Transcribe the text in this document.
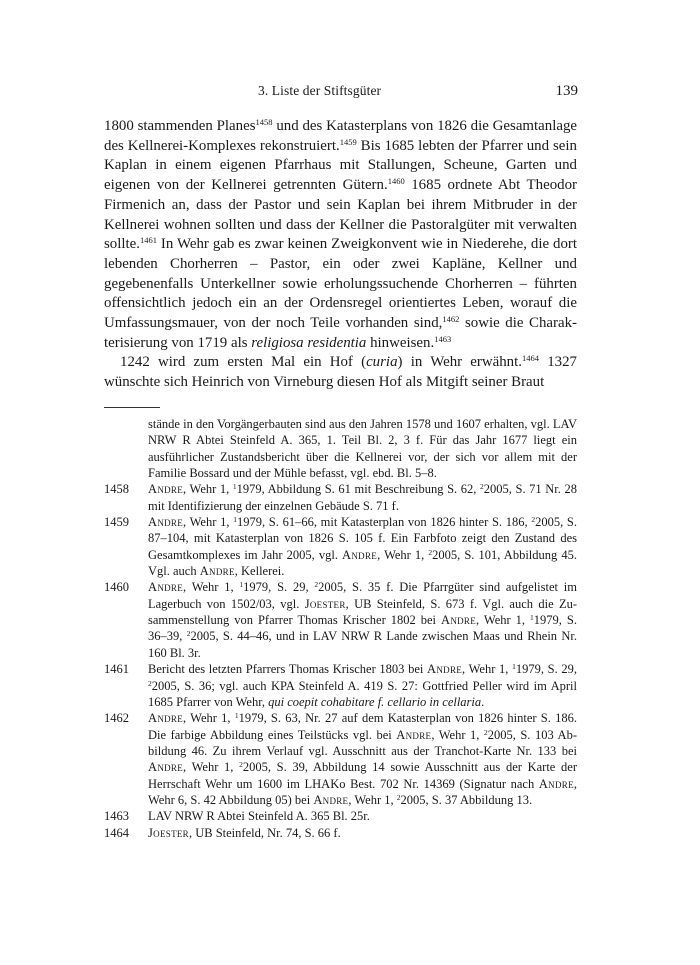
3. Liste der Stiftsgüter	139

1800 stammenden Planes$^{1458}$ und des Katasterplans von 1826 die Gesamtanlage des Kellnerei-Komplexes rekonstruiert.$^{1459}$ Bis 1685 lebten der Pfarrer und sein Kaplan in einem eigenen Pfarrhaus mit Stallungen, Scheune, Garten und eigenen von der Kellnerei getrennten Gütern.$^{1460}$ 1685 ordnete Abt Theodor Firmenich an, dass der Pastor und sein Kaplan bei ihrem Mitbruder in der Kellnerei wohnen sollten und dass der Kellner die Pastoralgüter mit verwalten sollte.$^{1461}$ In Wehr gab es zwar keinen Zweigkonvent wie in Niederehe, die dort lebenden Chorherren – Pastor, ein oder zwei Kapläne, Kellner und gegebenenfalls Unterkellner sowie erholungssuchende Chorherren – führten offensichtlich jedoch ein an der Ordensregel orientiertes Leben, worauf die Umfassungsmauer, von der noch Teile vorhanden sind,$^{1462}$ sowie die Charakterisierung von 1719 als religiosa residentia hinweisen.$^{1463}$

1242 wird zum ersten Mal ein Hof (curia) in Wehr erwähnt.$^{1464}$ 1327 wünschte sich Heinrich von Virneburg diesen Hof als Mitgift seiner Braut

stände in den Vorgängerbauten sind aus den Jahren 1578 und 1607 erhalten, vgl. LAV NRW R Abtei Steinfeld A. 365, 1. Teil Bl. 2, 3 f. Für das Jahr 1677 liegt ein ausführlicher Zustandsbericht über die Kellnerei vor, der sich vor allem mit der Familie Bossard und der Mühle befasst, vgl. ebd. Bl. 5–8.
1458	Andre, Wehr 1, $^1$1979, Abbildung S. 61 mit Beschreibung S. 62, $^2$2005, S. 71 Nr. 28 mit Identifizierung der einzelnen Gebäude S. 71 f.
1459	Andre, Wehr 1, $^1$1979, S. 61–66, mit Katasterplan von 1826 hinter S. 186, $^2$2005, S. 87–104, mit Katasterplan von 1826 S. 105 f. Ein Farbfoto zeigt den Zustand des Gesamtkomplexes im Jahr 2005, vgl. Andre, Wehr 1, $^2$2005, S. 101, Abbildung 45. Vgl. auch Andre, Kellerei.
1460	Andre, Wehr 1, $^1$1979, S. 29, $^2$2005, S. 35 f. Die Pfarrgüter sind aufgelistet im Lagerbuch von 1502/03, vgl. Joester, UB Steinfeld, S. 673 f. Vgl. auch die Zusammenstellung von Pfarrer Thomas Krischer 1802 bei Andre, Wehr 1, $^1$1979, S. 36–39, $^2$2005, S. 44–46, und in LAV NRW R Lande zwischen Maas und Rhein Nr. 160 Bl. 3r.
1461	Bericht des letzten Pfarrers Thomas Krischer 1803 bei Andre, Wehr 1, $^1$1979, S. 29, $^2$2005, S. 36; vgl. auch KPA Steinfeld A. 419 S. 27: Gottfried Peller wird im April 1685 Pfarrer von Wehr, qui coepit cohabitare f. cellario in cellaria.
1462	Andre, Wehr 1, $^1$1979, S. 63, Nr. 27 auf dem Katasterplan von 1826 hinter S. 186. Die farbige Abbildung eines Teilstücks vgl. bei Andre, Wehr 1, $^2$2005, S. 103 Abbildung 46. Zu ihrem Verlauf vgl. Ausschnitt aus der Tranchot-Karte Nr. 133 bei Andre, Wehr 1, $^2$2005, S. 39, Abbildung 14 sowie Ausschnitt aus der Karte der Herrschaft Wehr um 1600 im LHAKo Best. 702 Nr. 14369 (Signatur nach Andre, Wehr 6, S. 42 Abbildung 05) bei Andre, Wehr 1, $^2$2005, S. 37 Abbildung 13.
1463	LAV NRW R Abtei Steinfeld A. 365 Bl. 25r.
1464	Joester, UB Steinfeld, Nr. 74, S. 66 f.
